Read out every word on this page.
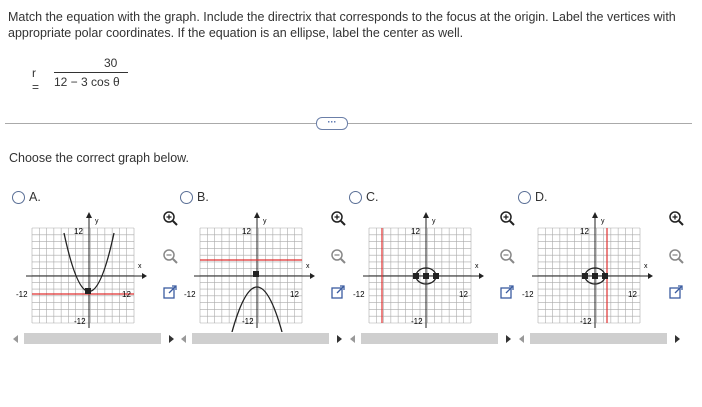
Match the equation with the graph. Include the directrix that corresponds to the focus at the origin. Label the vertices with appropriate polar coordinates. If the equation is an ellipse, label the center as well.
r =
30
12 − 3 cos θ
···
Choose the correct graph below.
A.
-12	12
12
-12
x
y
B.
-12	12
12
-12
x
y
C.
-12	12
12
-12
x
y
D.
-12	12
12
-12
x
y
